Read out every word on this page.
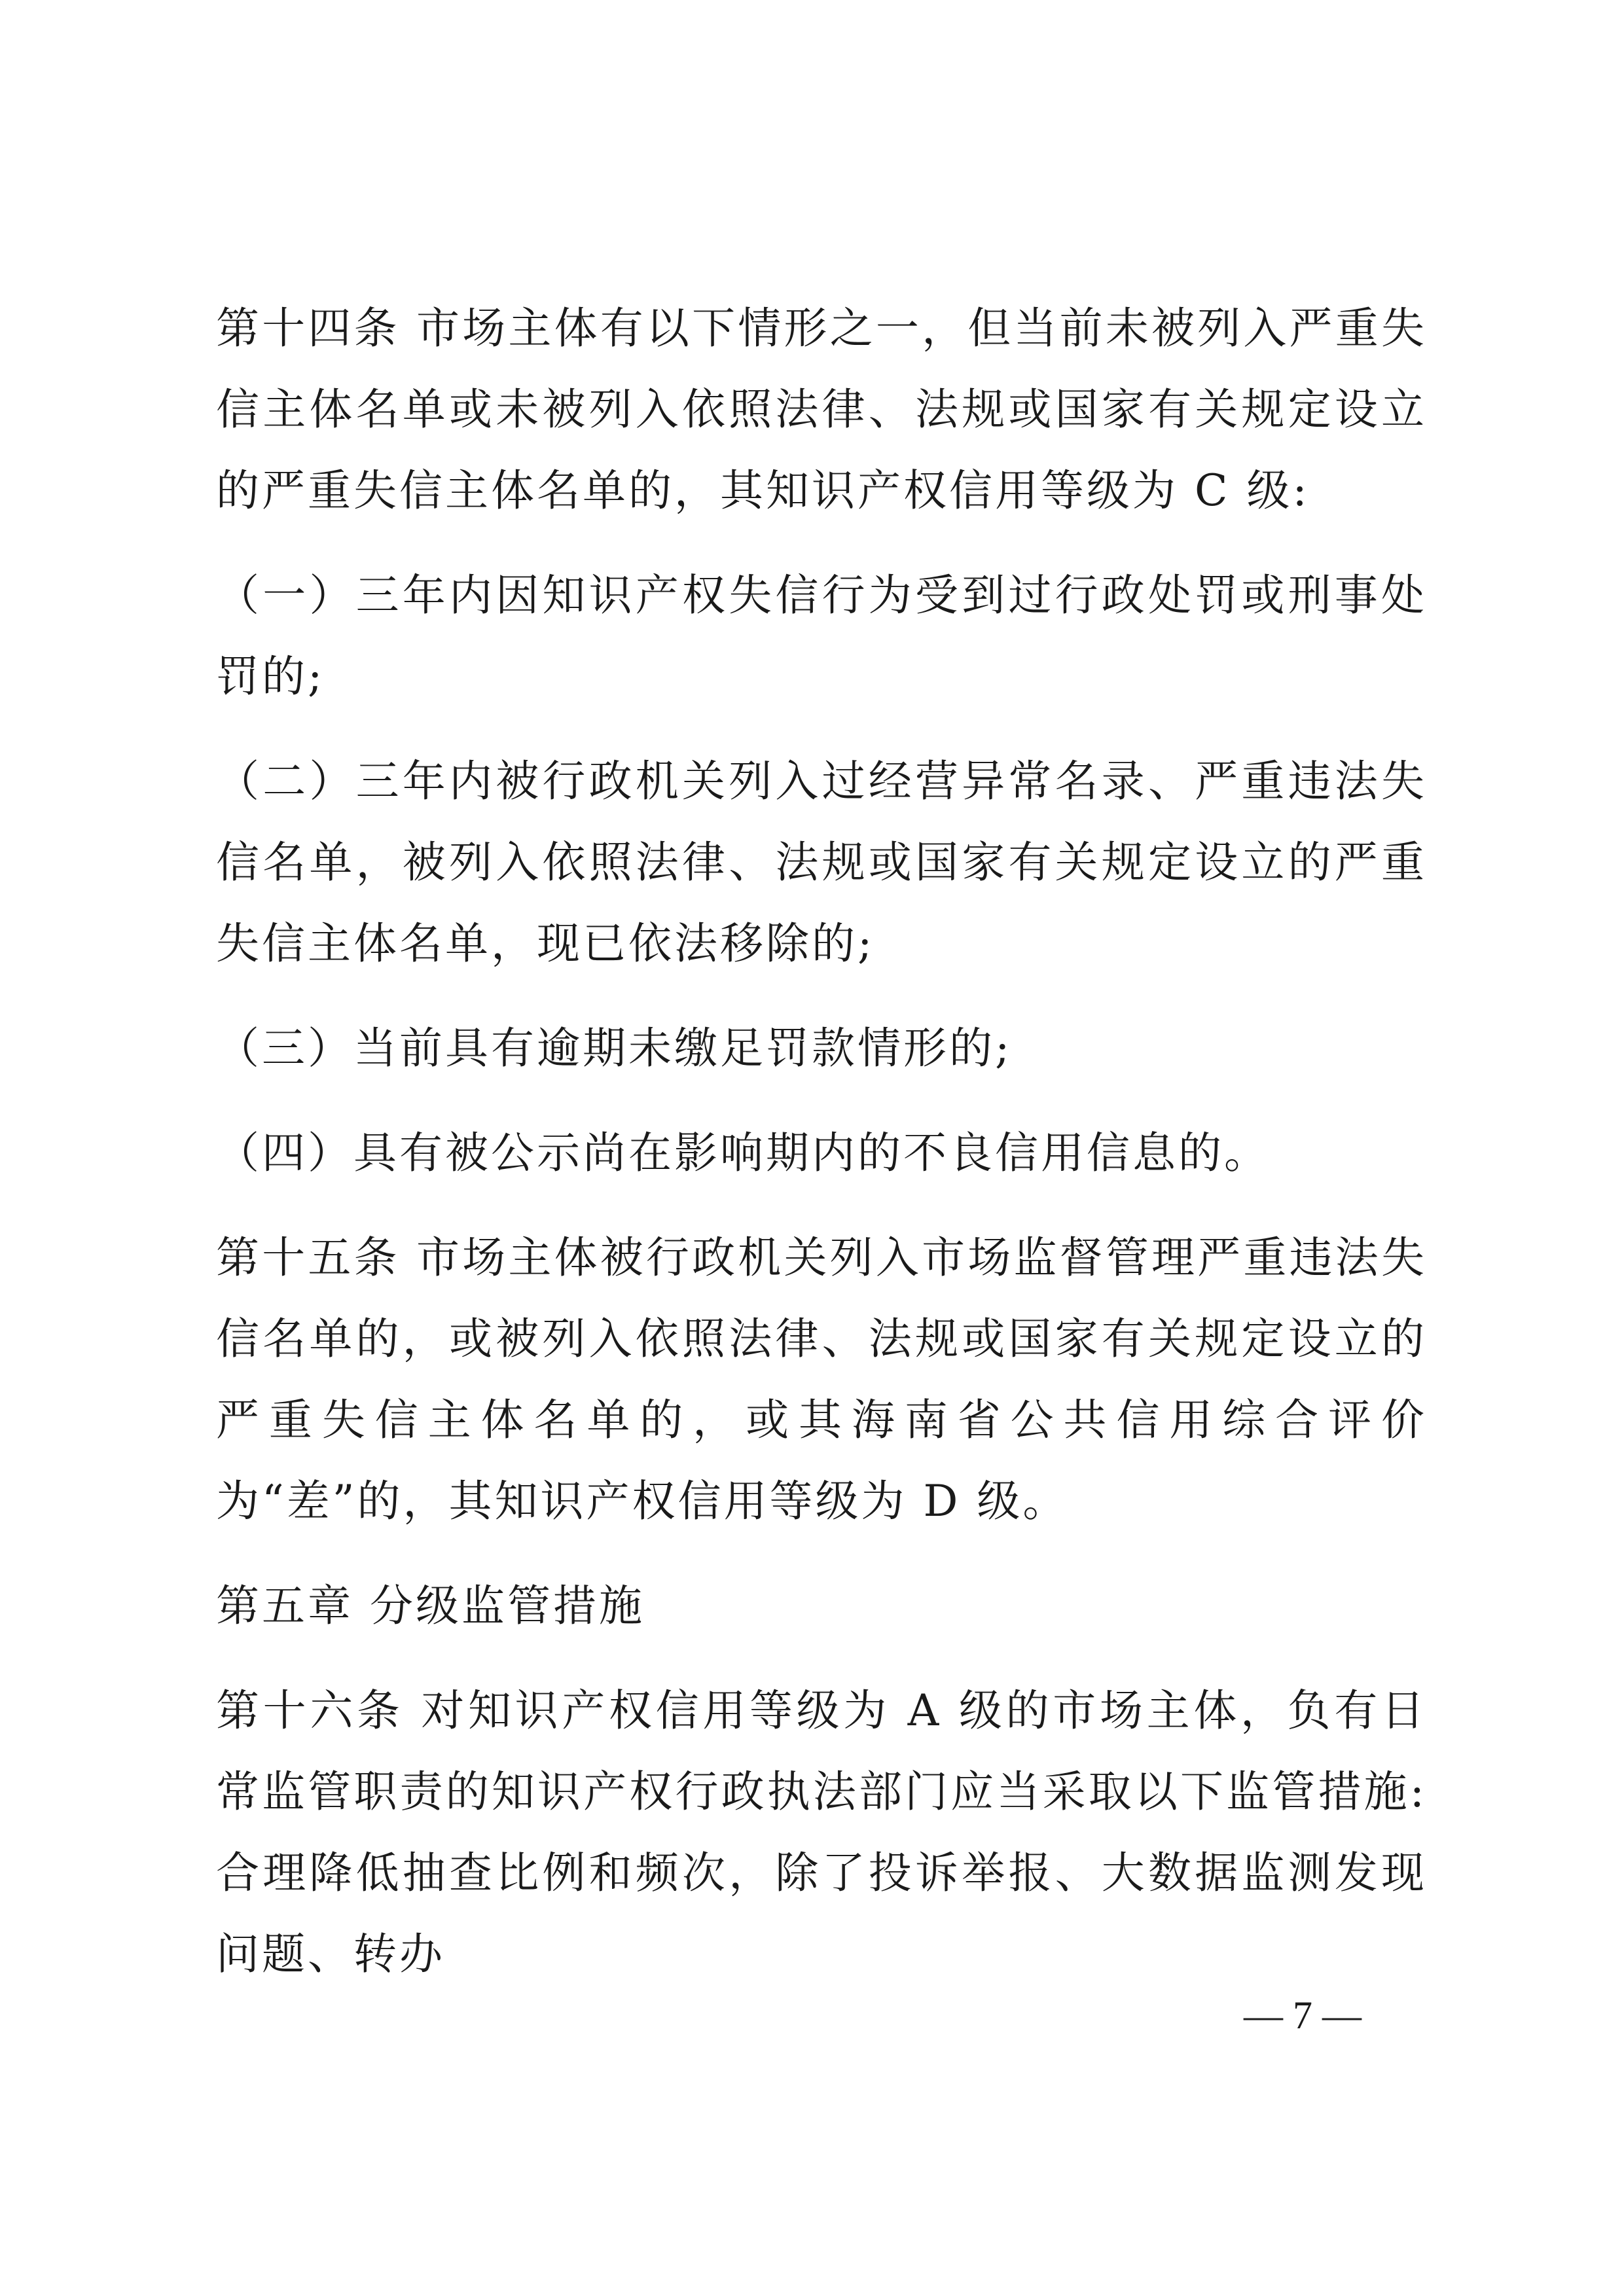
第十四条 市场主体有以下情形之一，但当前未被列入严重失信主体名单或未被列入依照法律、法规或国家有关规定设立的严重失信主体名单的，其知识产权信用等级为 C 级:

（一）三年内因知识产权失信行为受到过行政处罚或刑事处罚的;

（二）三年内被行政机关列入过经营异常名录、严重违法失信名单，被列入依照法律、法规或国家有关规定设立的严重失信主体名单，现已依法移除的;

（三）当前具有逾期未缴足罚款情形的;

（四）具有被公示尚在影响期内的不良信用信息的。

第十五条 市场主体被行政机关列入市场监督管理严重违法失信名单的，或被列入依照法律、法规或国家有关规定设立的严重失信主体名单的，或其海南省公共信用综合评价为“差”的，其知识产权信用等级为 D 级。

第五章 分级监管措施

第十六条 对知识产权信用等级为 A 级的市场主体，负有日常监管职责的知识产权行政执法部门应当采取以下监管措施: 合理降低抽查比例和频次，除了投诉举报、大数据监测发现问题、转办

— 7 —
